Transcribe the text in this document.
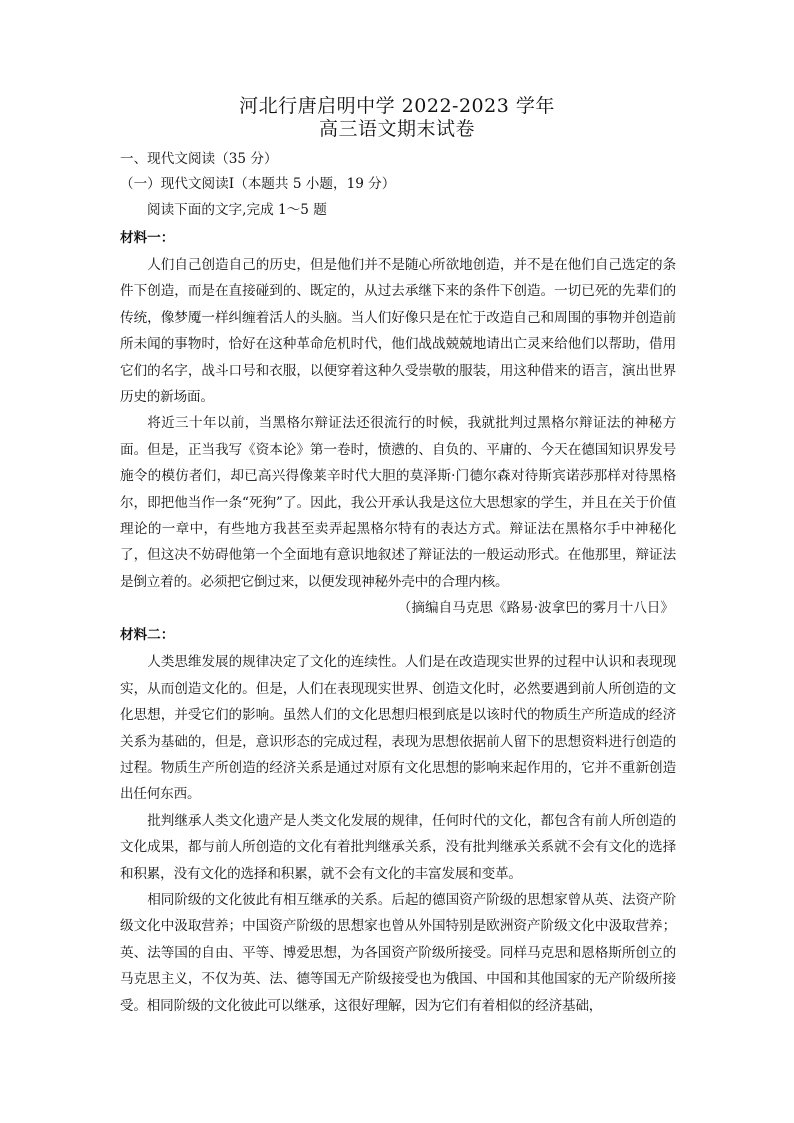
河北行唐启明中学 2022-2023 学年
高三语文期末试卷

一、现代文阅读（35 分）

（一）现代文阅读Ⅰ（本题共 5 小题，19 分）

阅读下面的文字,完成 1～5 题

材料一：

人们自己创造自己的历史，但是他们并不是随心所欲地创造，并不是在他们自己选定的条件下创造，而是在直接碰到的、既定的，从过去承继下来的条件下创造。一切已死的先辈们的传统，像梦魇一样纠缠着活人的头脑。当人们好像只是在忙于改造自己和周围的事物并创造前所未闻的事物时，恰好在这种革命危机时代，他们战战兢兢地请出亡灵来给他们以帮助，借用它们的名字，战斗口号和衣服，以便穿着这种久受崇敬的服装，用这种借来的语言，演出世界历史的新场面。

将近三十年以前，当黑格尔辩证法还很流行的时候，我就批判过黑格尔辩证法的神秘方面。但是，正当我写《资本论》第一卷时，愤懑的、自负的、平庸的、今天在德国知识界发号施令的模仿者们，却已高兴得像莱辛时代大胆的莫泽斯·门德尔森对待斯宾诺莎那样对待黑格尔，即把他当作一条“死狗”了。因此，我公开承认我是这位大思想家的学生，并且在关于价值理论的一章中，有些地方我甚至卖弄起黑格尔特有的表达方式。辩证法在黑格尔手中神秘化了，但这决不妨碍他第一个全面地有意识地叙述了辩证法的一般运动形式。在他那里，辩证法是倒立着的。必须把它倒过来，以便发现神秘外壳中的合理内核。

（摘编自马克思《路易·波拿巴的雾月十八日》

材料二：

人类思维发展的规律决定了文化的连续性。人们是在改造现实世界的过程中认识和表现现实，从而创造文化的。但是，人们在表现现实世界、创造文化时，必然要遇到前人所创造的文化思想，并受它们的影响。虽然人们的文化思想归根到底是以该时代的物质生产所造成的经济关系为基础的，但是，意识形态的完成过程，表现为思想依据前人留下的思想资料进行创造的过程。物质生产所创造的经济关系是通过对原有文化思想的影响来起作用的，它并不重新创造出任何东西。

批判继承人类文化遗产是人类文化发展的规律，任何时代的文化，都包含有前人所创造的文化成果，都与前人所创造的文化有着批判继承关系，没有批判继承关系就不会有文化的选择和积累，没有文化的选择和积累，就不会有文化的丰富发展和变革。

相同阶级的文化彼此有相互继承的关系。后起的德国资产阶级的思想家曾从英、法资产阶级文化中汲取营养；中国资产阶级的思想家也曾从外国特别是欧洲资产阶级文化中汲取营养；英、法等国的自由、平等、博爱思想，为各国资产阶级所接受。同样马克思和恩格斯所创立的马克思主义，不仅为英、法、德等国无产阶级接受也为俄国、中国和其他国家的无产阶级所接受。相同阶级的文化彼此可以继承，这很好理解，因为它们有着相似的经济基础，
